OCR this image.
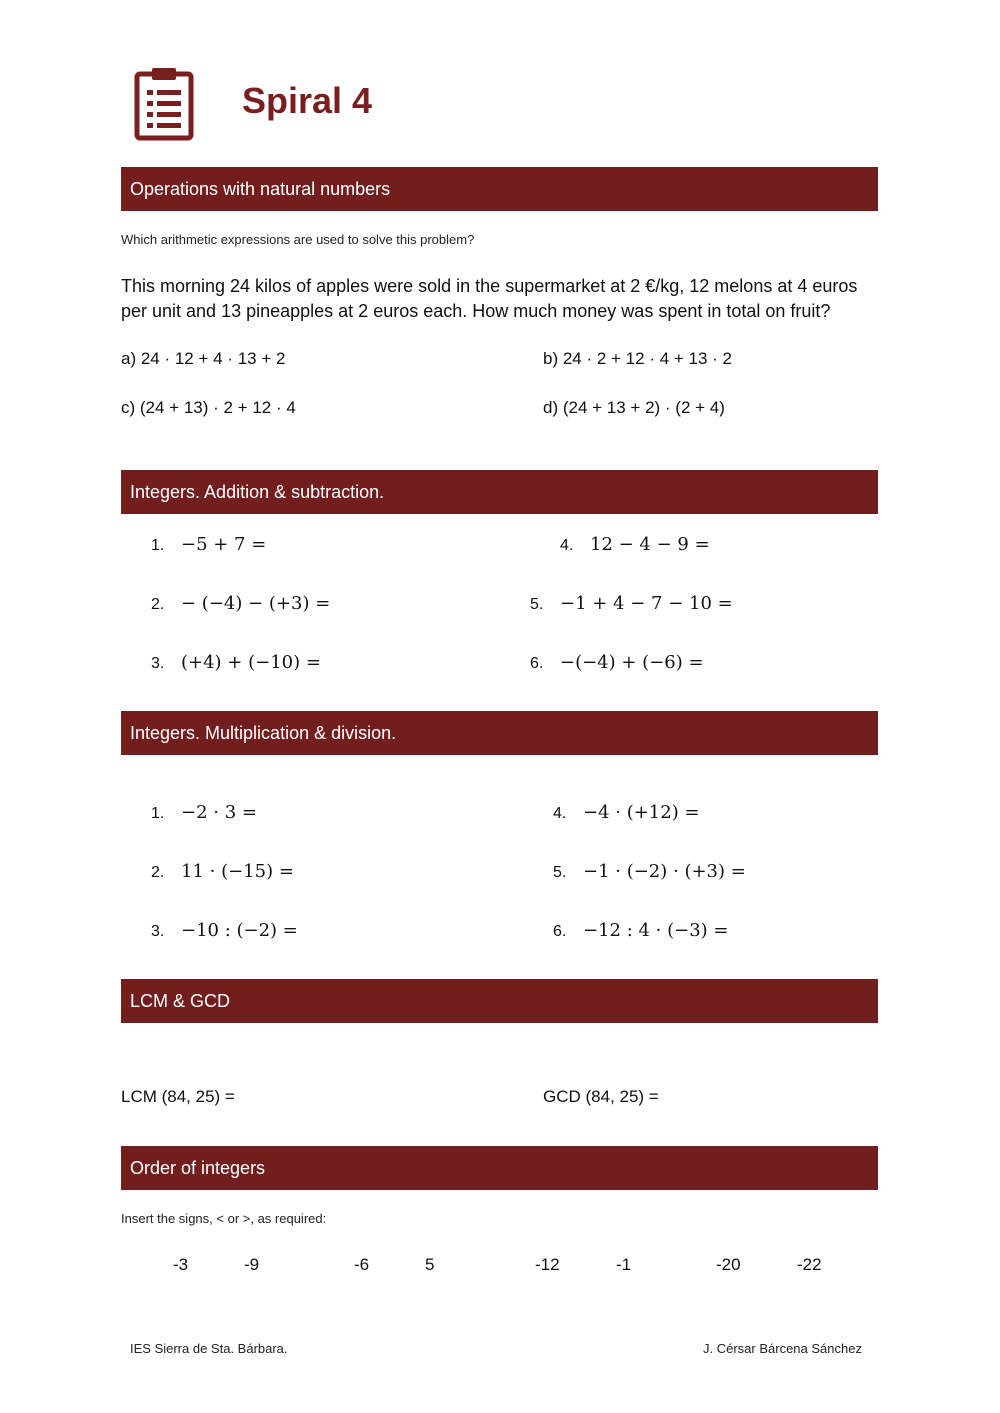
Spiral 4
Operations with natural numbers
Which arithmetic expressions are used to solve this problem?
This morning 24 kilos of apples were sold in the supermarket at 2 €/kg, 12 melons at 4 euros per unit and 13 pineapples at 2 euros each. How much money was spent in total on fruit?
a) 24 · 12 + 4 · 13 + 2	b) 24 · 2 + 12 · 4 + 13 · 2
c) (24 + 13) · 2 + 12 · 4	d) (24 + 13 + 2) · (2 + 4)
Integers. Addition & subtraction.
1. −5 + 7 =
2. − (−4) − (+3) =
3. (+4) + (−10) =
4. 12 − 4 − 9 =
5. −1 + 4 − 7 − 10 =
6. −(−4) + (−6) =
Integers. Multiplication & division.
1. −2 · 3 =
2. 11 · (−15) =
3. −10 : (−2) =
4. −4 · (+12) =
5. −1 · (−2) · (+3) =
6. −12 : 4 · (−3) =
LCM & GCD
LCM (84, 25) =	GCD (84, 25) =
Order of integers
Insert the signs, < or >, as required:
-3	-9	-6	5	-12	-1	-20	-22
IES Sierra de Sta. Bárbara.	J. Cérsar Bárcena Sánchez
